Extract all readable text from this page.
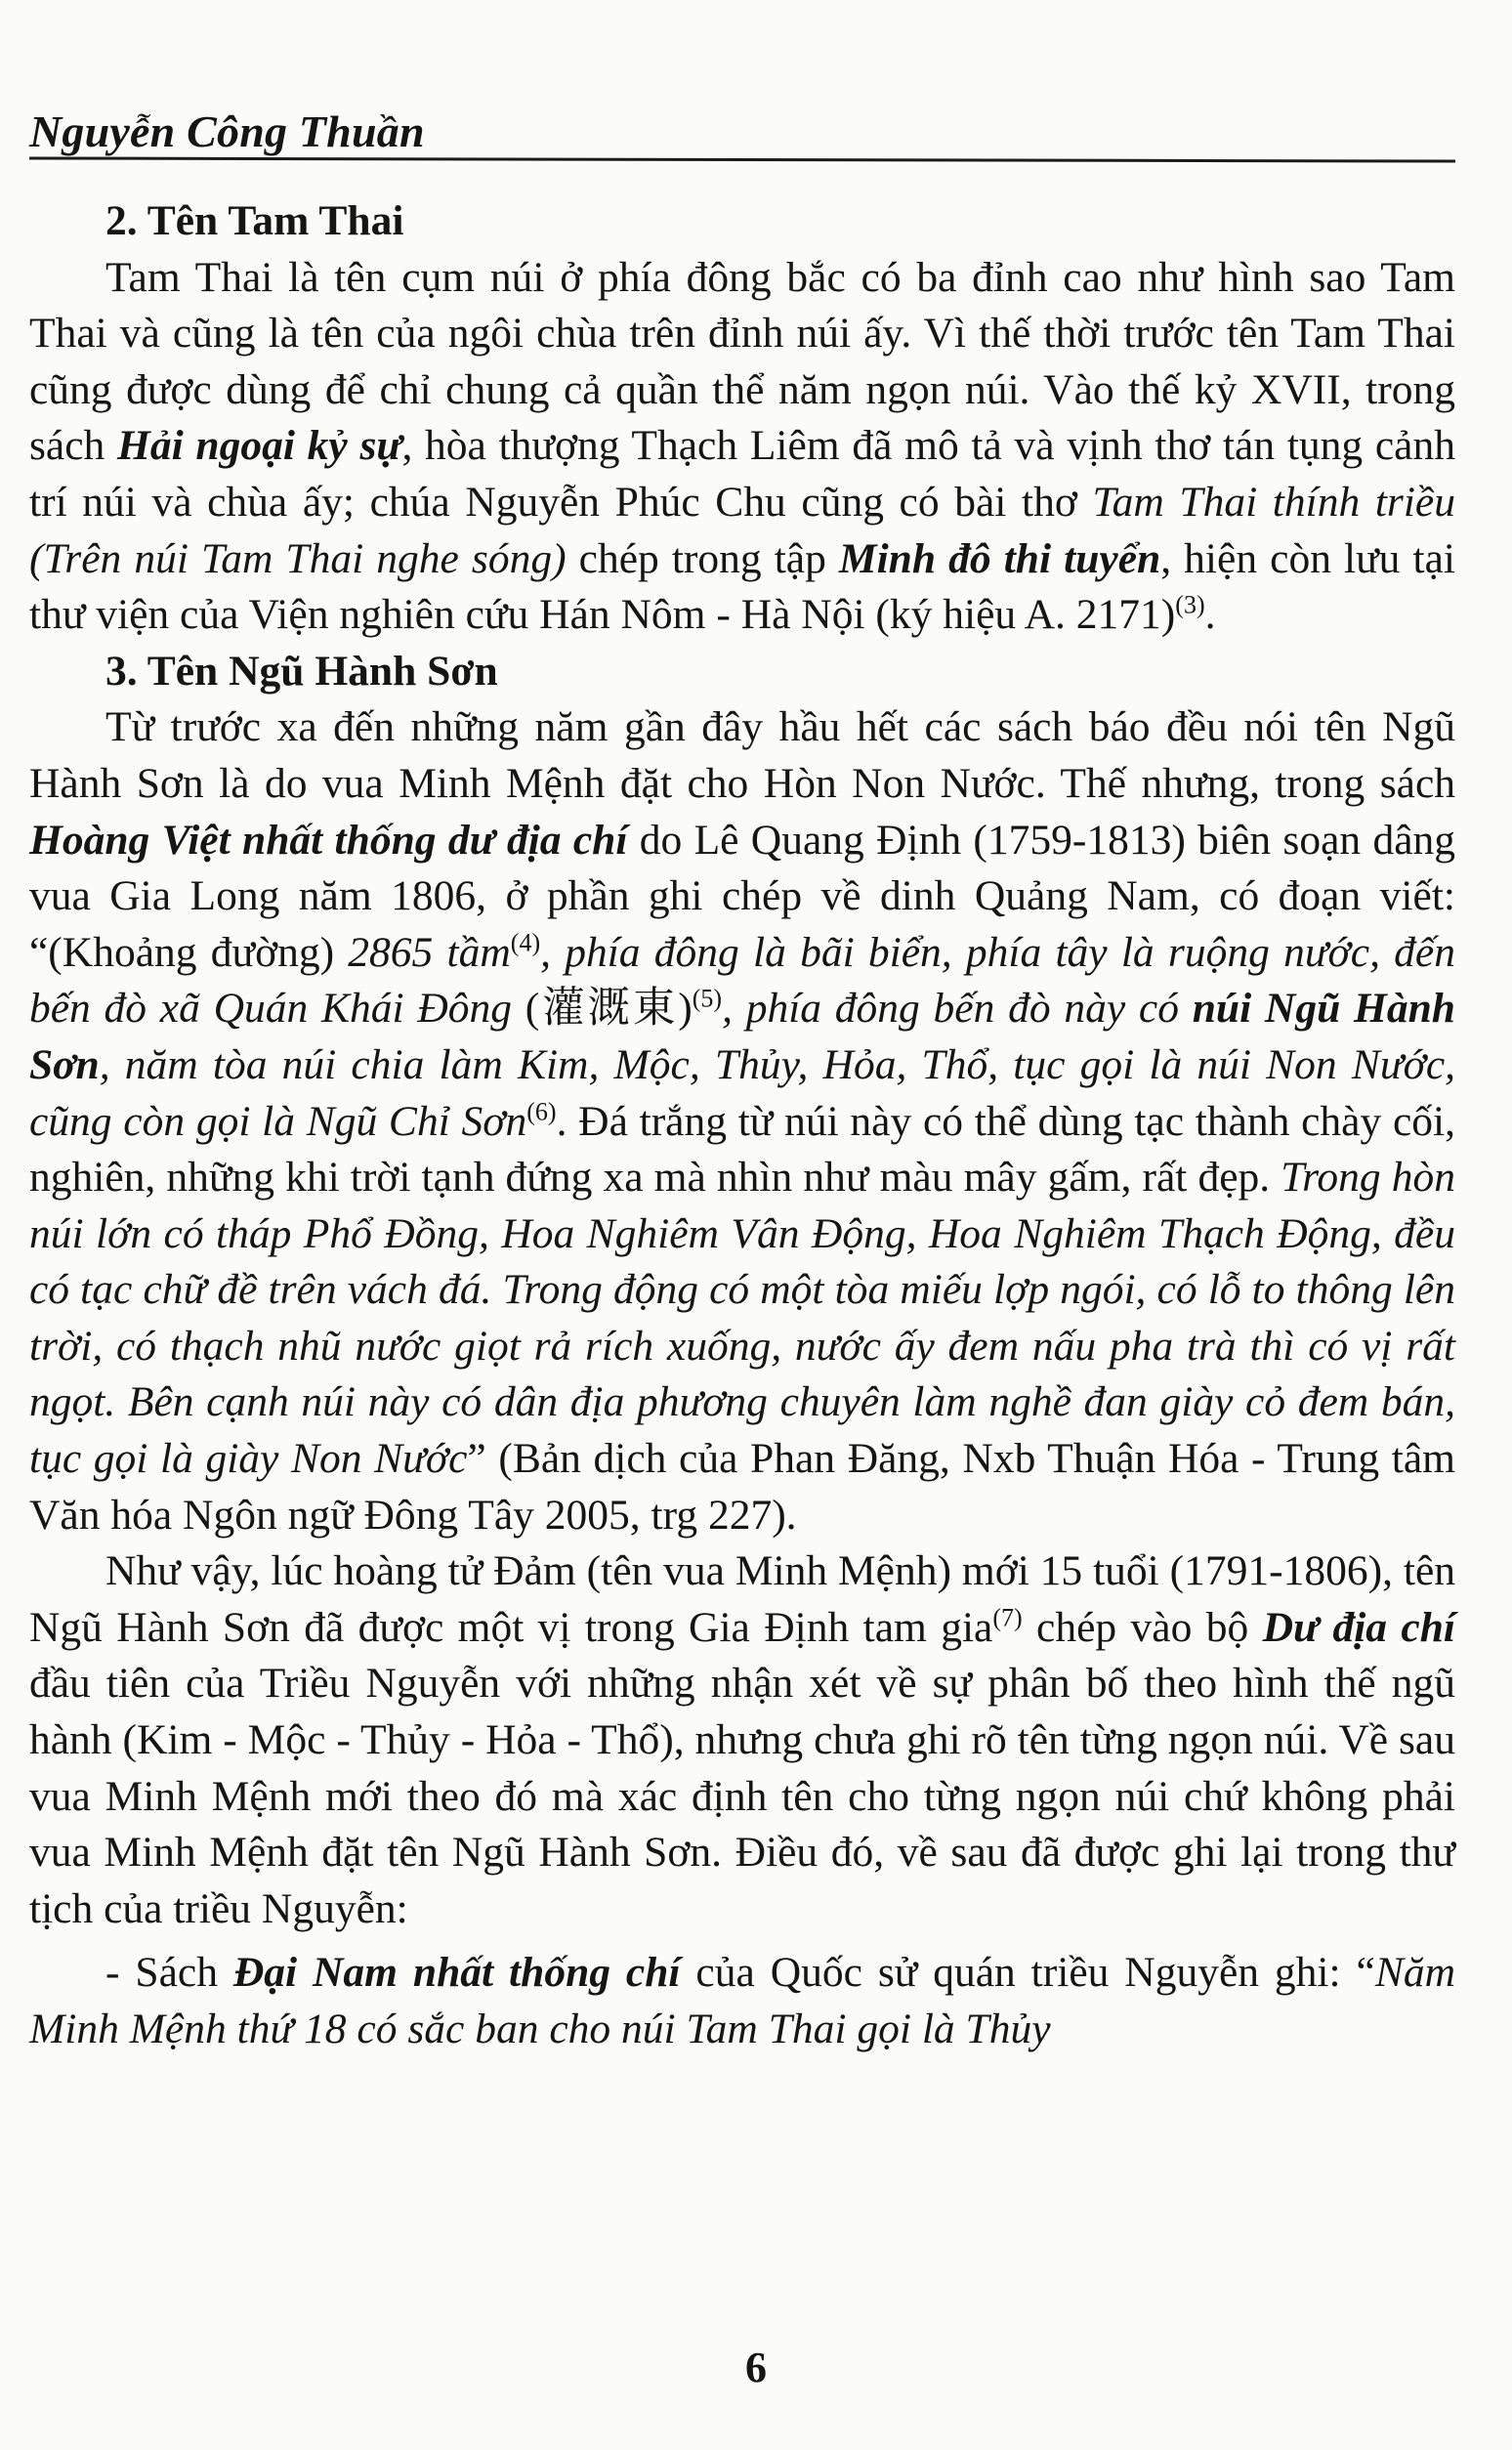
Nguyễn Công Thuần

2. Tên Tam Thai

Tam Thai là tên cụm núi ở phía đông bắc có ba đỉnh cao như hình sao Tam Thai và cũng là tên của ngôi chùa trên đỉnh núi ấy. Vì thế thời trước tên Tam Thai cũng được dùng để chỉ chung cả quần thể năm ngọn núi. Vào thế kỷ XVII, trong sách Hải ngoại kỷ sự, hòa thượng Thạch Liêm đã mô tả và vịnh thơ tán tụng cảnh trí núi và chùa ấy; chúa Nguyễn Phúc Chu cũng có bài thơ Tam Thai thính triều (Trên núi Tam Thai nghe sóng) chép trong tập Minh đô thi tuyển, hiện còn lưu tại thư viện của Viện nghiên cứu Hán Nôm - Hà Nội (ký hiệu A. 2171)$^{(3)}$.

3. Tên Ngũ Hành Sơn

Từ trước xa đến những năm gần đây hầu hết các sách báo đều nói tên Ngũ Hành Sơn là do vua Minh Mệnh đặt cho Hòn Non Nước. Thế nhưng, trong sách Hoàng Việt nhất thống dư địa chí do Lê Quang Định (1759-1813) biên soạn dâng vua Gia Long năm 1806, ở phần ghi chép về dinh Quảng Nam, có đoạn viết: “(Khoảng đường) 2865 tầm$^{(4)}$, phía đông là bãi biển, phía tây là ruộng nước, đến bến đò xã Quán Khái Đông (灌溉東)$^{(5)}$, phía đông bến đò này có núi Ngũ Hành Sơn, năm tòa núi chia làm Kim, Mộc, Thủy, Hỏa, Thổ, tục gọi là núi Non Nước, cũng còn gọi là Ngũ Chỉ Sơn$^{(6)}$. Đá trắng từ núi này có thể dùng tạc thành chày cối, nghiên, những khi trời tạnh đứng xa mà nhìn như màu mây gấm, rất đẹp. Trong hòn núi lớn có tháp Phổ Đồng, Hoa Nghiêm Vân Động, Hoa Nghiêm Thạch Động, đều có tạc chữ đề trên vách đá. Trong động có một tòa miếu lợp ngói, có lỗ to thông lên trời, có thạch nhũ nước giọt rả rích xuống, nước ấy đem nấu pha trà thì có vị rất ngọt. Bên cạnh núi này có dân địa phương chuyên làm nghề đan giày cỏ đem bán, tục gọi là giày Non Nước” (Bản dịch của Phan Đăng, Nxb Thuận Hóa - Trung tâm Văn hóa Ngôn ngữ Đông Tây 2005, trg 227).

Như vậy, lúc hoàng tử Đảm (tên vua Minh Mệnh) mới 15 tuổi (1791-1806), tên Ngũ Hành Sơn đã được một vị trong Gia Định tam gia$^{(7)}$ chép vào bộ Dư địa chí đầu tiên của Triều Nguyễn với những nhận xét về sự phân bố theo hình thế ngũ hành (Kim - Mộc - Thủy - Hỏa - Thổ), nhưng chưa ghi rõ tên từng ngọn núi. Về sau vua Minh Mệnh mới theo đó mà xác định tên cho từng ngọn núi chứ không phải vua Minh Mệnh đặt tên Ngũ Hành Sơn. Điều đó, về sau đã được ghi lại trong thư tịch của triều Nguyễn:

- Sách Đại Nam nhất thống chí của Quốc sử quán triều Nguyễn ghi: “Năm Minh Mệnh thứ 18 có sắc ban cho núi Tam Thai gọi là Thủy

6
